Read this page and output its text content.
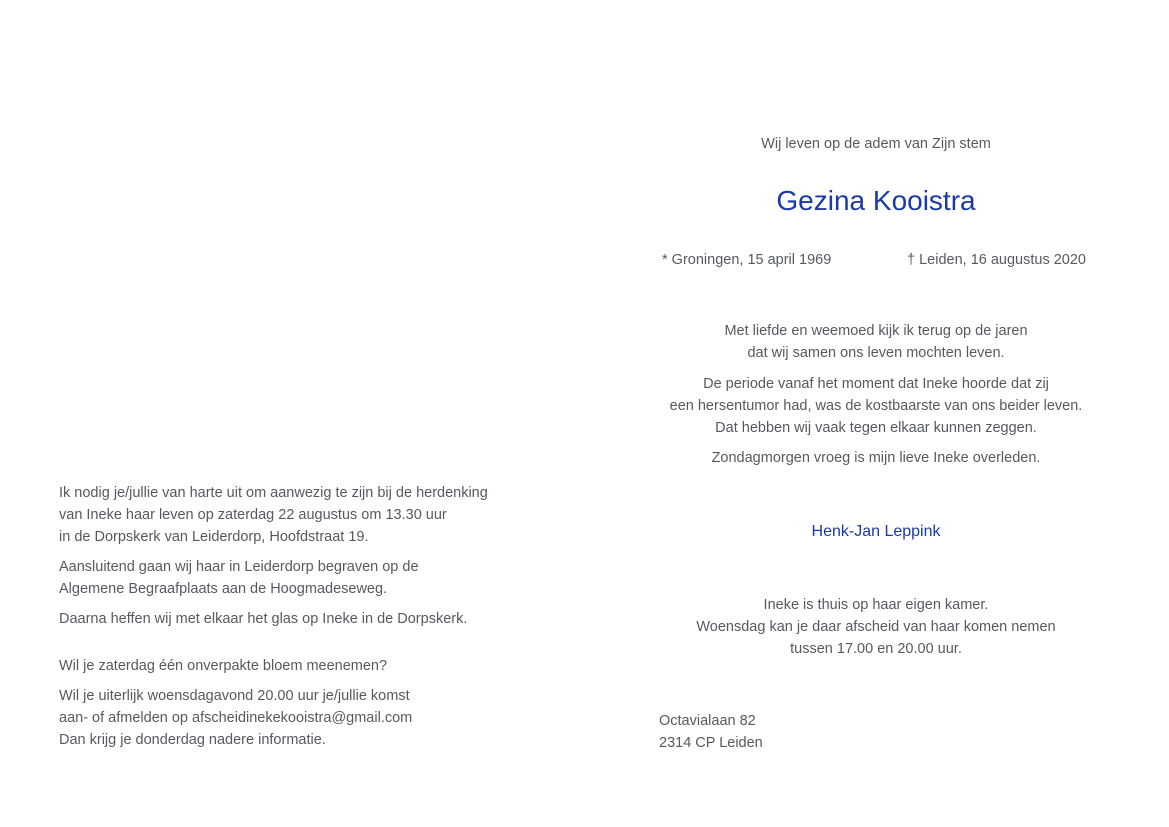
Ik nodig je/jullie van harte uit om aanwezig te zijn bij de herdenking
van Ineke haar leven op zaterdag 22 augustus om 13.30 uur
in de Dorpskerk van Leiderdorp, Hoofdstraat 19.
Aansluitend gaan wij haar in Leiderdorp begraven op de
Algemene Begraafplaats aan de Hoogmadeseweg.
Daarna heffen wij met elkaar het glas op Ineke in de Dorpskerk.
Wil je zaterdag één onverpakte bloem meenemen?
Wil je uiterlijk woensdagavond 20.00 uur je/jullie komst
aan- of afmelden op afscheidinekekooistra@gmail.com
Dan krijg je donderdag nadere informatie.
Wij leven op de adem van Zijn stem
Gezina Kooistra
* Groningen, 15 april 1969	† Leiden, 16 augustus 2020
Met liefde en weemoed kijk ik terug op de jaren
dat wij samen ons leven mochten leven.
De periode vanaf het moment dat Ineke hoorde dat zij
een hersentumor had, was de kostbaarste van ons beider leven.
Dat hebben wij vaak tegen elkaar kunnen zeggen.
Zondagmorgen vroeg is mijn lieve Ineke overleden.
Henk-Jan Leppink
Ineke is thuis op haar eigen kamer.
Woensdag kan je daar afscheid van haar komen nemen
tussen 17.00 en 20.00 uur.
Octavialaan 82
2314 CP Leiden
